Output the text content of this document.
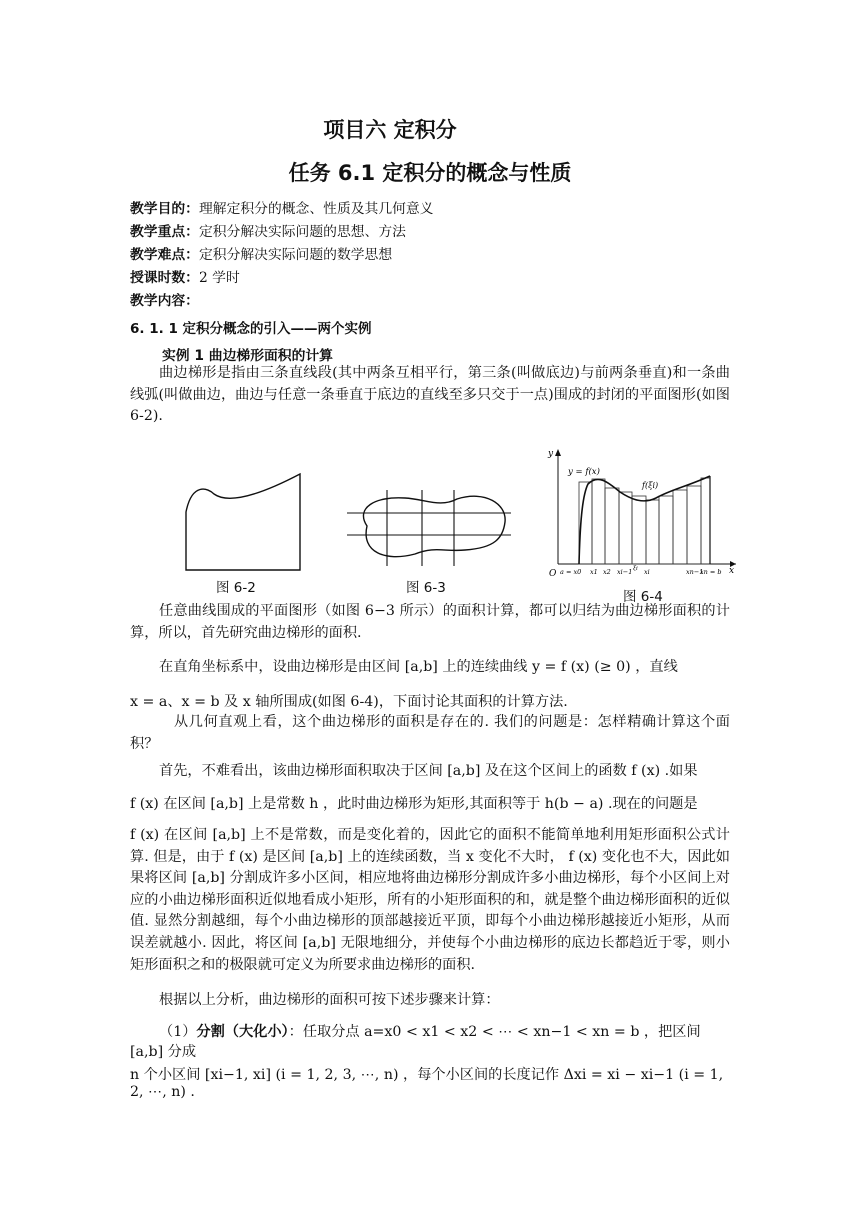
项目六 定积分
任务 6.1 定积分的概念与性质
教学目的：理解定积分的概念、性质及其几何意义
教学重点：定积分解决实际问题的思想、方法
教学难点：定积分解决实际问题的数学思想
授课时数：2 学时
教学内容：
6. 1. 1 定积分概念的引入——两个实例
实例 1 曲边梯形面积的计算
曲边梯形是指由三条直线段(其中两条互相平行，第三条(叫做底边)与前两条垂直)和一条曲线弧(叫做曲边，曲边与任意一条垂直于底边的直线至多只交于一点)围成的封闭的平面图形(如图 6-2).
图 6-2	图 6-3
y
x
O
y = f(x)
f(ξi)
a = x0 x1 x2 xi−1 ξi xi	xn−1
xn = b
图 6-4
任意曲线围成的平面图形（如图 6−3 所示）的面积计算，都可以归结为曲边梯形面积的计算，所以，首先研究曲边梯形的面积.
在直角坐标系中，设曲边梯形是由区间 [a,b] 上的连续曲线 y = f (x) (≥ 0) ，直线
x = a、x = b 及 x 轴所围成(如图 6-4)，下面讨论其面积的计算方法.
从几何直观上看，这个曲边梯形的面积是存在的. 我们的问题是：怎样精确计算这个面积？
首先，不难看出，该曲边梯形面积取决于区间 [a,b] 及在这个区间上的函数 f (x) .如果
f (x) 在区间 [a,b] 上是常数 h ，此时曲边梯形为矩形,其面积等于 h(b − a) .现在的问题是
f (x) 在区间 [a,b] 上不是常数，而是变化着的，因此它的面积不能简单地利用矩形面积公式计算. 但是，由于 f (x) 是区间 [a,b] 上的连续函数，当 x 变化不大时， f (x) 变化也不大，因此如果将区间 [a,b] 分割成许多小区间，相应地将曲边梯形分割成许多小曲边梯形，每个小区间上对应的小曲边梯形面积近似地看成小矩形，所有的小矩形面积的和，就是整个曲边梯形面积的近似值. 显然分割越细，每个小曲边梯形的顶部越接近平顶，即每个小曲边梯形越接近小矩形，从而误差就越小. 因此，将区间 [a,b] 无限地细分，并使每个小曲边梯形的底边长都趋近于零，则小矩形面积之和的极限就可定义为所要求曲边梯形的面积.
根据以上分析，曲边梯形的面积可按下述步骤来计算：
（1）分割（大化小）：任取分点 a=x0 < x1 < x2 < ⋯ < xn−1 < xn = b ，把区间 [a,b] 分成
n 个小区间 [xi−1, xi] (i = 1, 2, 3, ⋯, n) ，每个小区间的长度记作 Δxi = xi − xi−1 (i = 1, 2, ⋯, n) .
